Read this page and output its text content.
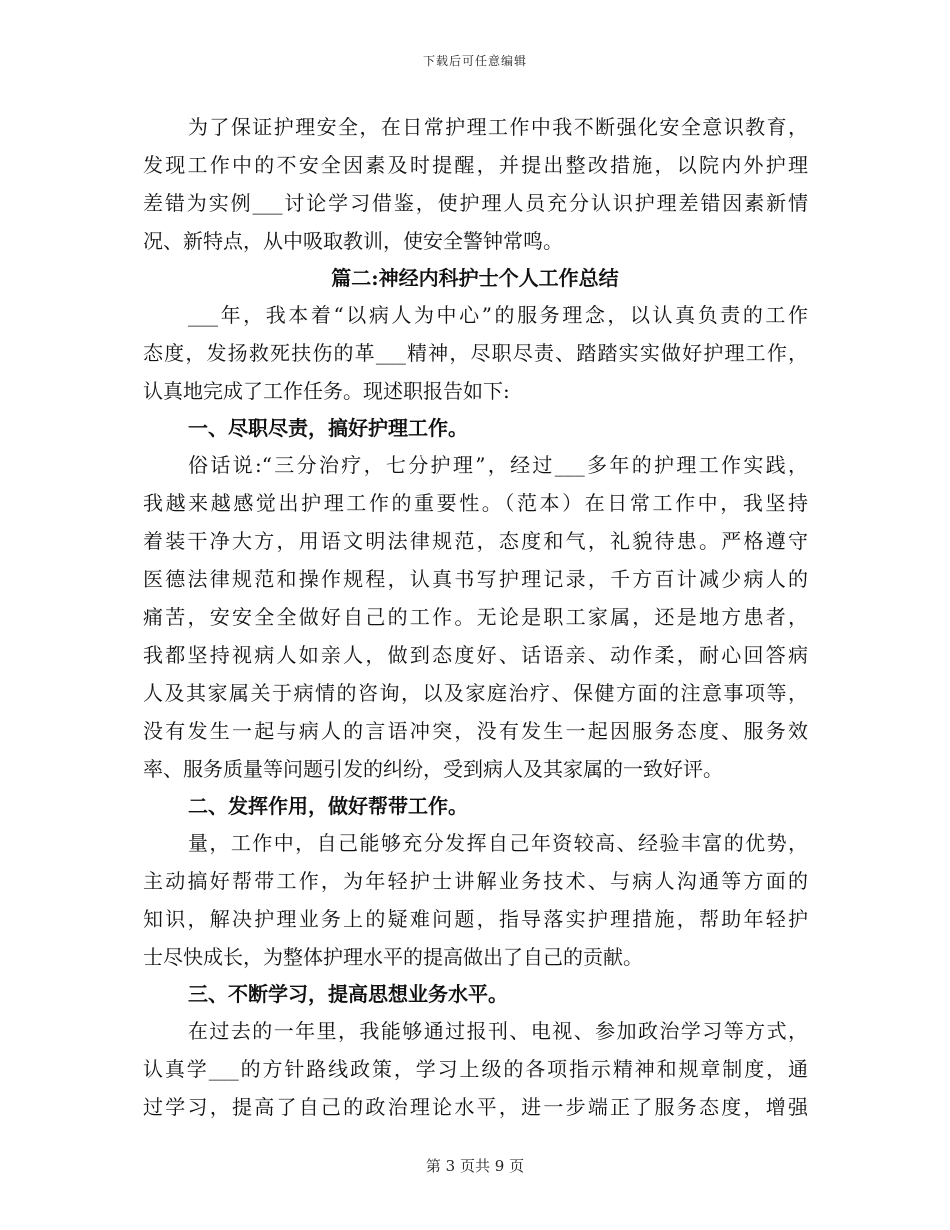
下载后可任意编辑
为了保证护理安全，在日常护理工作中我不断强化安全意识教育，
发现工作中的不安全因素及时提醒，并提出整改措施，以院内外护理
差错为实例___讨论学习借鉴，使护理人员充分认识护理差错因素新情
况、新特点，从中吸取教训，使安全警钟常鸣。
篇二:神经内科护士个人工作总结
___年，我本着“以病人为中心”的服务理念，以认真负责的工作
态度，发扬救死扶伤的革___精神，尽职尽责、踏踏实实做好护理工作，
认真地完成了工作任务。现述职报告如下:
一、尽职尽责，搞好护理工作。
俗话说:“三分治疗，七分护理”，经过___多年的护理工作实践，
我越来越感觉出护理工作的重要性。（范本）在日常工作中，我坚持
着装干净大方，用语文明法律规范，态度和气，礼貌待患。严格遵守
医德法律规范和操作规程，认真书写护理记录，千方百计减少病人的
痛苦，安安全全做好自己的工作。无论是职工家属，还是地方患者，
我都坚持视病人如亲人，做到态度好、话语亲、动作柔，耐心回答病
人及其家属关于病情的咨询，以及家庭治疗、保健方面的注意事项等，
没有发生一起与病人的言语冲突，没有发生一起因服务态度、服务效
率、服务质量等问题引发的纠纷，受到病人及其家属的一致好评。
二、发挥作用，做好帮带工作。
量，工作中，自己能够充分发挥自己年资较高、经验丰富的优势，
主动搞好帮带工作，为年轻护士讲解业务技术、与病人沟通等方面的
知识，解决护理业务上的疑难问题，指导落实护理措施，帮助年轻护
士尽快成长，为整体护理水平的提高做出了自己的贡献。
三、不断学习，提高思想业务水平。
在过去的一年里，我能够通过报刊、电视、参加政治学习等方式，
认真学___的方针路线政策，学习上级的各项指示精神和规章制度，通
过学习，提高了自己的政治理论水平，进一步端正了服务态度，增强
第 3 页共 9 页
